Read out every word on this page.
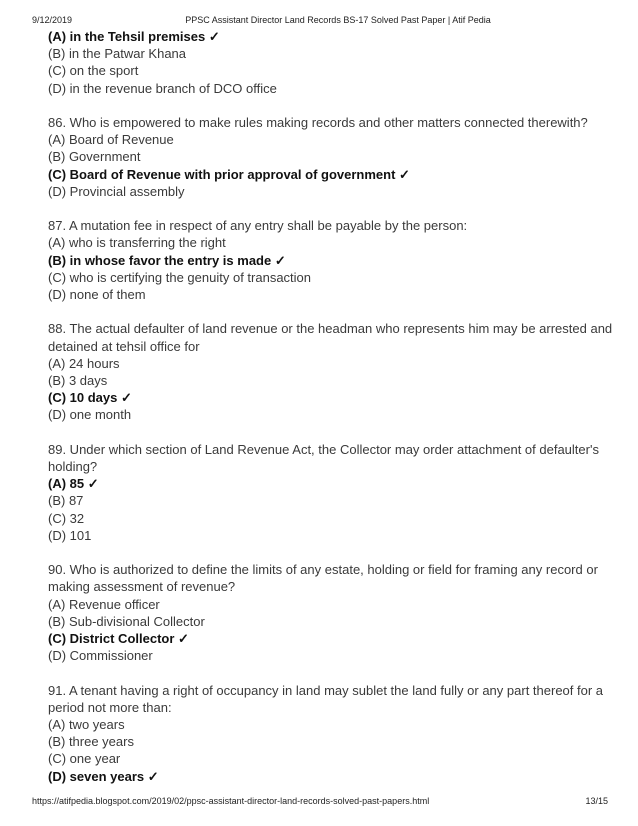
9/12/2019	PPSC Assistant Director Land Records BS-17 Solved Past Paper | Atif Pedia
(A) in the Tehsil premises ✓
(B) in the Patwar Khana
(C) on the sport
(D) in the revenue branch of DCO office
86. Who is empowered to make rules making records and other matters connected therewith?
(A) Board of Revenue
(B) Government
(C) Board of Revenue with prior approval of government ✓
(D) Provincial assembly
87. A mutation fee in respect of any entry shall be payable by the person:
(A) who is transferring the right
(B) in whose favor the entry is made ✓
(C) who is certifying the genuity of transaction
(D) none of them
88. The actual defaulter of land revenue or the headman who represents him may be arrested and
detained at tehsil office for
(A) 24 hours
(B) 3 days
(C) 10 days ✓
(D) one month
89. Under which section of Land Revenue Act, the Collector may order attachment of defaulter's
holding?
(A) 85 ✓
(B) 87
(C) 32
(D) 101
90. Who is authorized to define the limits of any estate, holding or field for framing any record or
making assessment of revenue?
(A) Revenue officer
(B) Sub-divisional Collector
(C) District Collector ✓
(D) Commissioner
91. A tenant having a right of occupancy in land may sublet the land fully or any part thereof for a
period not more than:
(A) two years
(B) three years
(C) one year
(D) seven years ✓
https://atifpedia.blogspot.com/2019/02/ppsc-assistant-director-land-records-solved-past-papers.html	13/15
